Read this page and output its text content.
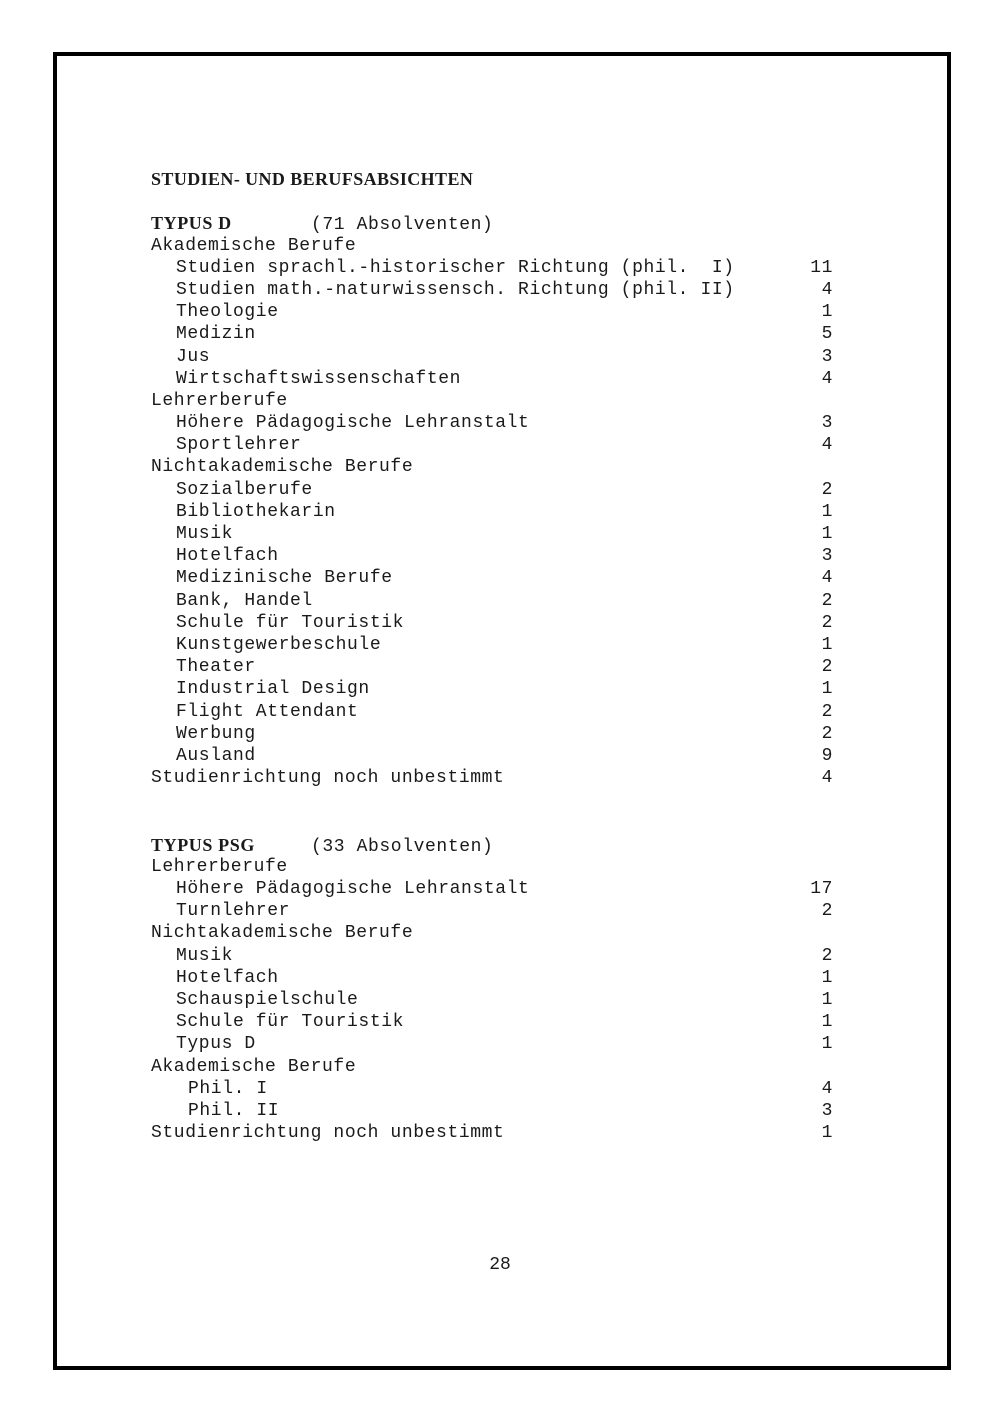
STUDIEN- UND BERUFSABSICHTEN
TYPUS D	(71 Absolventen)
Akademische Berufe
Studien sprachl.-historischer Richtung (phil.  I)	11
Studien math.-naturwissensch. Richtung (phil. II)	4
Theologie	1
Medizin	5
Jus	3
Wirtschaftswissenschaften	4
Lehrerberufe
Höhere Pädagogische Lehranstalt	3
Sportlehrer	4
Nichtakademische Berufe
Sozialberufe	2
Bibliothekarin	1
Musik	1
Hotelfach	3
Medizinische Berufe	4
Bank, Handel	2
Schule für Touristik	2
Kunstgewerbeschule	1
Theater	2
Industrial Design	1
Flight Attendant	2
Werbung	2
Ausland	9
Studienrichtung noch unbestimmt	4
TYPUS PSG	(33 Absolventen)
Lehrerberufe
Höhere Pädagogische Lehranstalt	17
Turnlehrer	2
Nichtakademische Berufe
Musik	2
Hotelfach	1
Schauspielschule	1
Schule für Touristik	1
Typus D	1
Akademische Berufe
Phil. I	4
Phil. II	3
Studienrichtung noch unbestimmt	1
28
